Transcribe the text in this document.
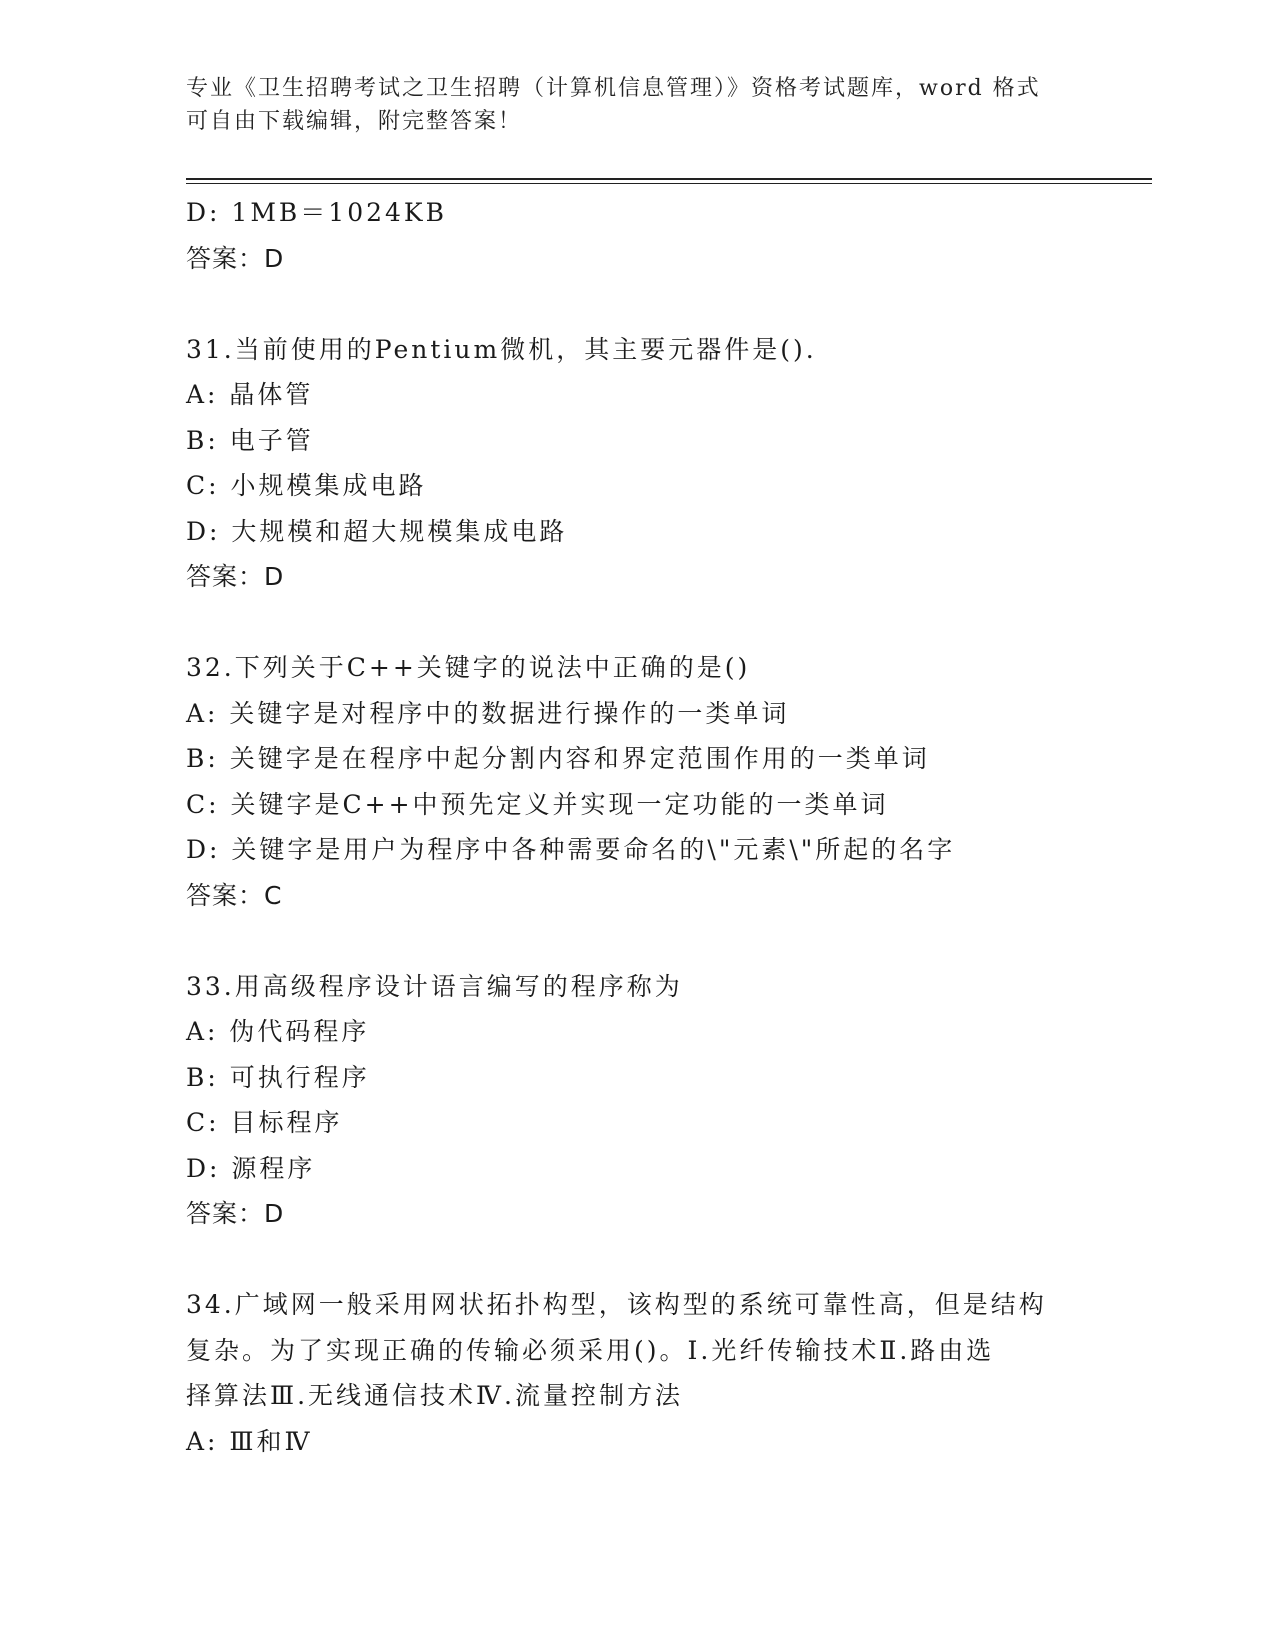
专业《卫生招聘考试之卫生招聘（计算机信息管理）》资格考试题库，word 格式
可自由下载编辑，附完整答案！
D: 1MB＝1024KB
答案：D
31.当前使用的Pentium微机，其主要元器件是().
A: 晶体管
B: 电子管
C: 小规模集成电路
D: 大规模和超大规模集成电路
答案：D
32.下列关于C++关键字的说法中正确的是()
A: 关键字是对程序中的数据进行操作的一类单词
B: 关键字是在程序中起分割内容和界定范围作用的一类单词
C: 关键字是C++中预先定义并实现一定功能的一类单词
D: 关键字是用户为程序中各种需要命名的\"元素\"所起的名字
答案：C
33.用高级程序设计语言编写的程序称为
A: 伪代码程序
B: 可执行程序
C: 目标程序
D: 源程序
答案：D
34.广域网一般采用网状拓扑构型，该构型的系统可靠性高，但是结构
复杂。为了实现正确的传输必须采用()。Ⅰ.光纤传输技术Ⅱ.路由选
择算法Ⅲ.无线通信技术Ⅳ.流量控制方法
A: Ⅲ和Ⅳ
